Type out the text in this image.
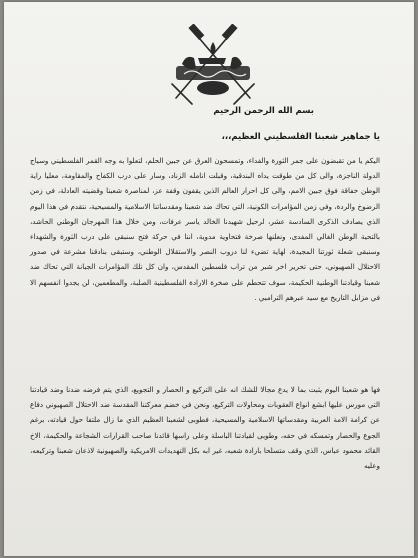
بسم الله الرحمن الرحيم
يا جماهير شعبنا الفلسطيني العظيم،،،
اليكم يا من تقبضون على جمر الثورة والفداء، وتمسحون العرق عن جبين الحلم، لتعلوا به وجه القمر الفلسطيني وسياج الدولة الناجزة، والى كل من طوقت يداه البندقية، وقبلت انامله الزناد، وسار على درب الكفاح والمقاومة، معليا راية الوطن خفاقة فوق جبين الامم، والى كل احرار العالم الذين يقفون وقفة عز، لمناصرة شعبنا وقضيته العادلة، في زمن الرضوخ والردة، وفي زمن المؤامرات الكونية، التي تحاك ضد شعبنا ومقدساتنا الاسلامية والمسيحية، نتقدم في هذا اليوم الذي يصادف الذكرى السادسة عشر، لرحيل شهيدنا الخالد ياسر عرفات، ومن خلال هذا المهرجان الوطني الحاشد، بالتحية الوطن الغالي المفدى، ونعلنها صرخة فتحاوية مدوية، اننا في حركة فتح سنبقى على درب الثورة والشهداء وسنبقى شعلة ثورتنا المجيدة، لهاية تضيء لنا دروب النصر والاستقلال الوطني، وستبقى بنادقنا مشرعة في صدور الاحتلال الصهيوني، حتى تحرير اخر شبر من تراب فلسطين المقدس، وان كل تلك المؤامرات الجبانة التي تحاك ضد شعبنا وقيادتنا الوطنية الحكيمة، سوف تتحطم على صخرة الارادة الفلسطينية الصلبة، والمطعمين، لن يجدوا انفسهم الا في مزابل التاريخ مع سيد عبرهم الترامبي .
فها هو شعبنا اليوم يثبت بما لا يدع مجالا للشك انه على التركيع و الحصار و التجويع، الذي يتم فرضه ضدنا وضد قيادتنا التي مورس عليها ابشع انواع العقوبات ومحاولات التركيع، ونحن في خضم معركتنا المقدسة ضد الاحتلال الصهيوني دفاع عن كرامة الامة العربية ومقدساتها الاسلامية والمسيحية، فطوبى لشعبنا العظيم الذي ما زال ملتفا حول قيادته، برغم الجوع والحصار وتمسكه في حقه، وطوبى لقيادتنا الباسلة وعلى راسها قائدنا صاحب القرارات الشجاعة والحكيمة، الاخ القائد محمود عباس، الذي وقف متسلحا بارادة شعبه، غير ابه بكل التهديدات الامريكية والصهيونية لاذعان شعبنا وتركيعه، وعليه
